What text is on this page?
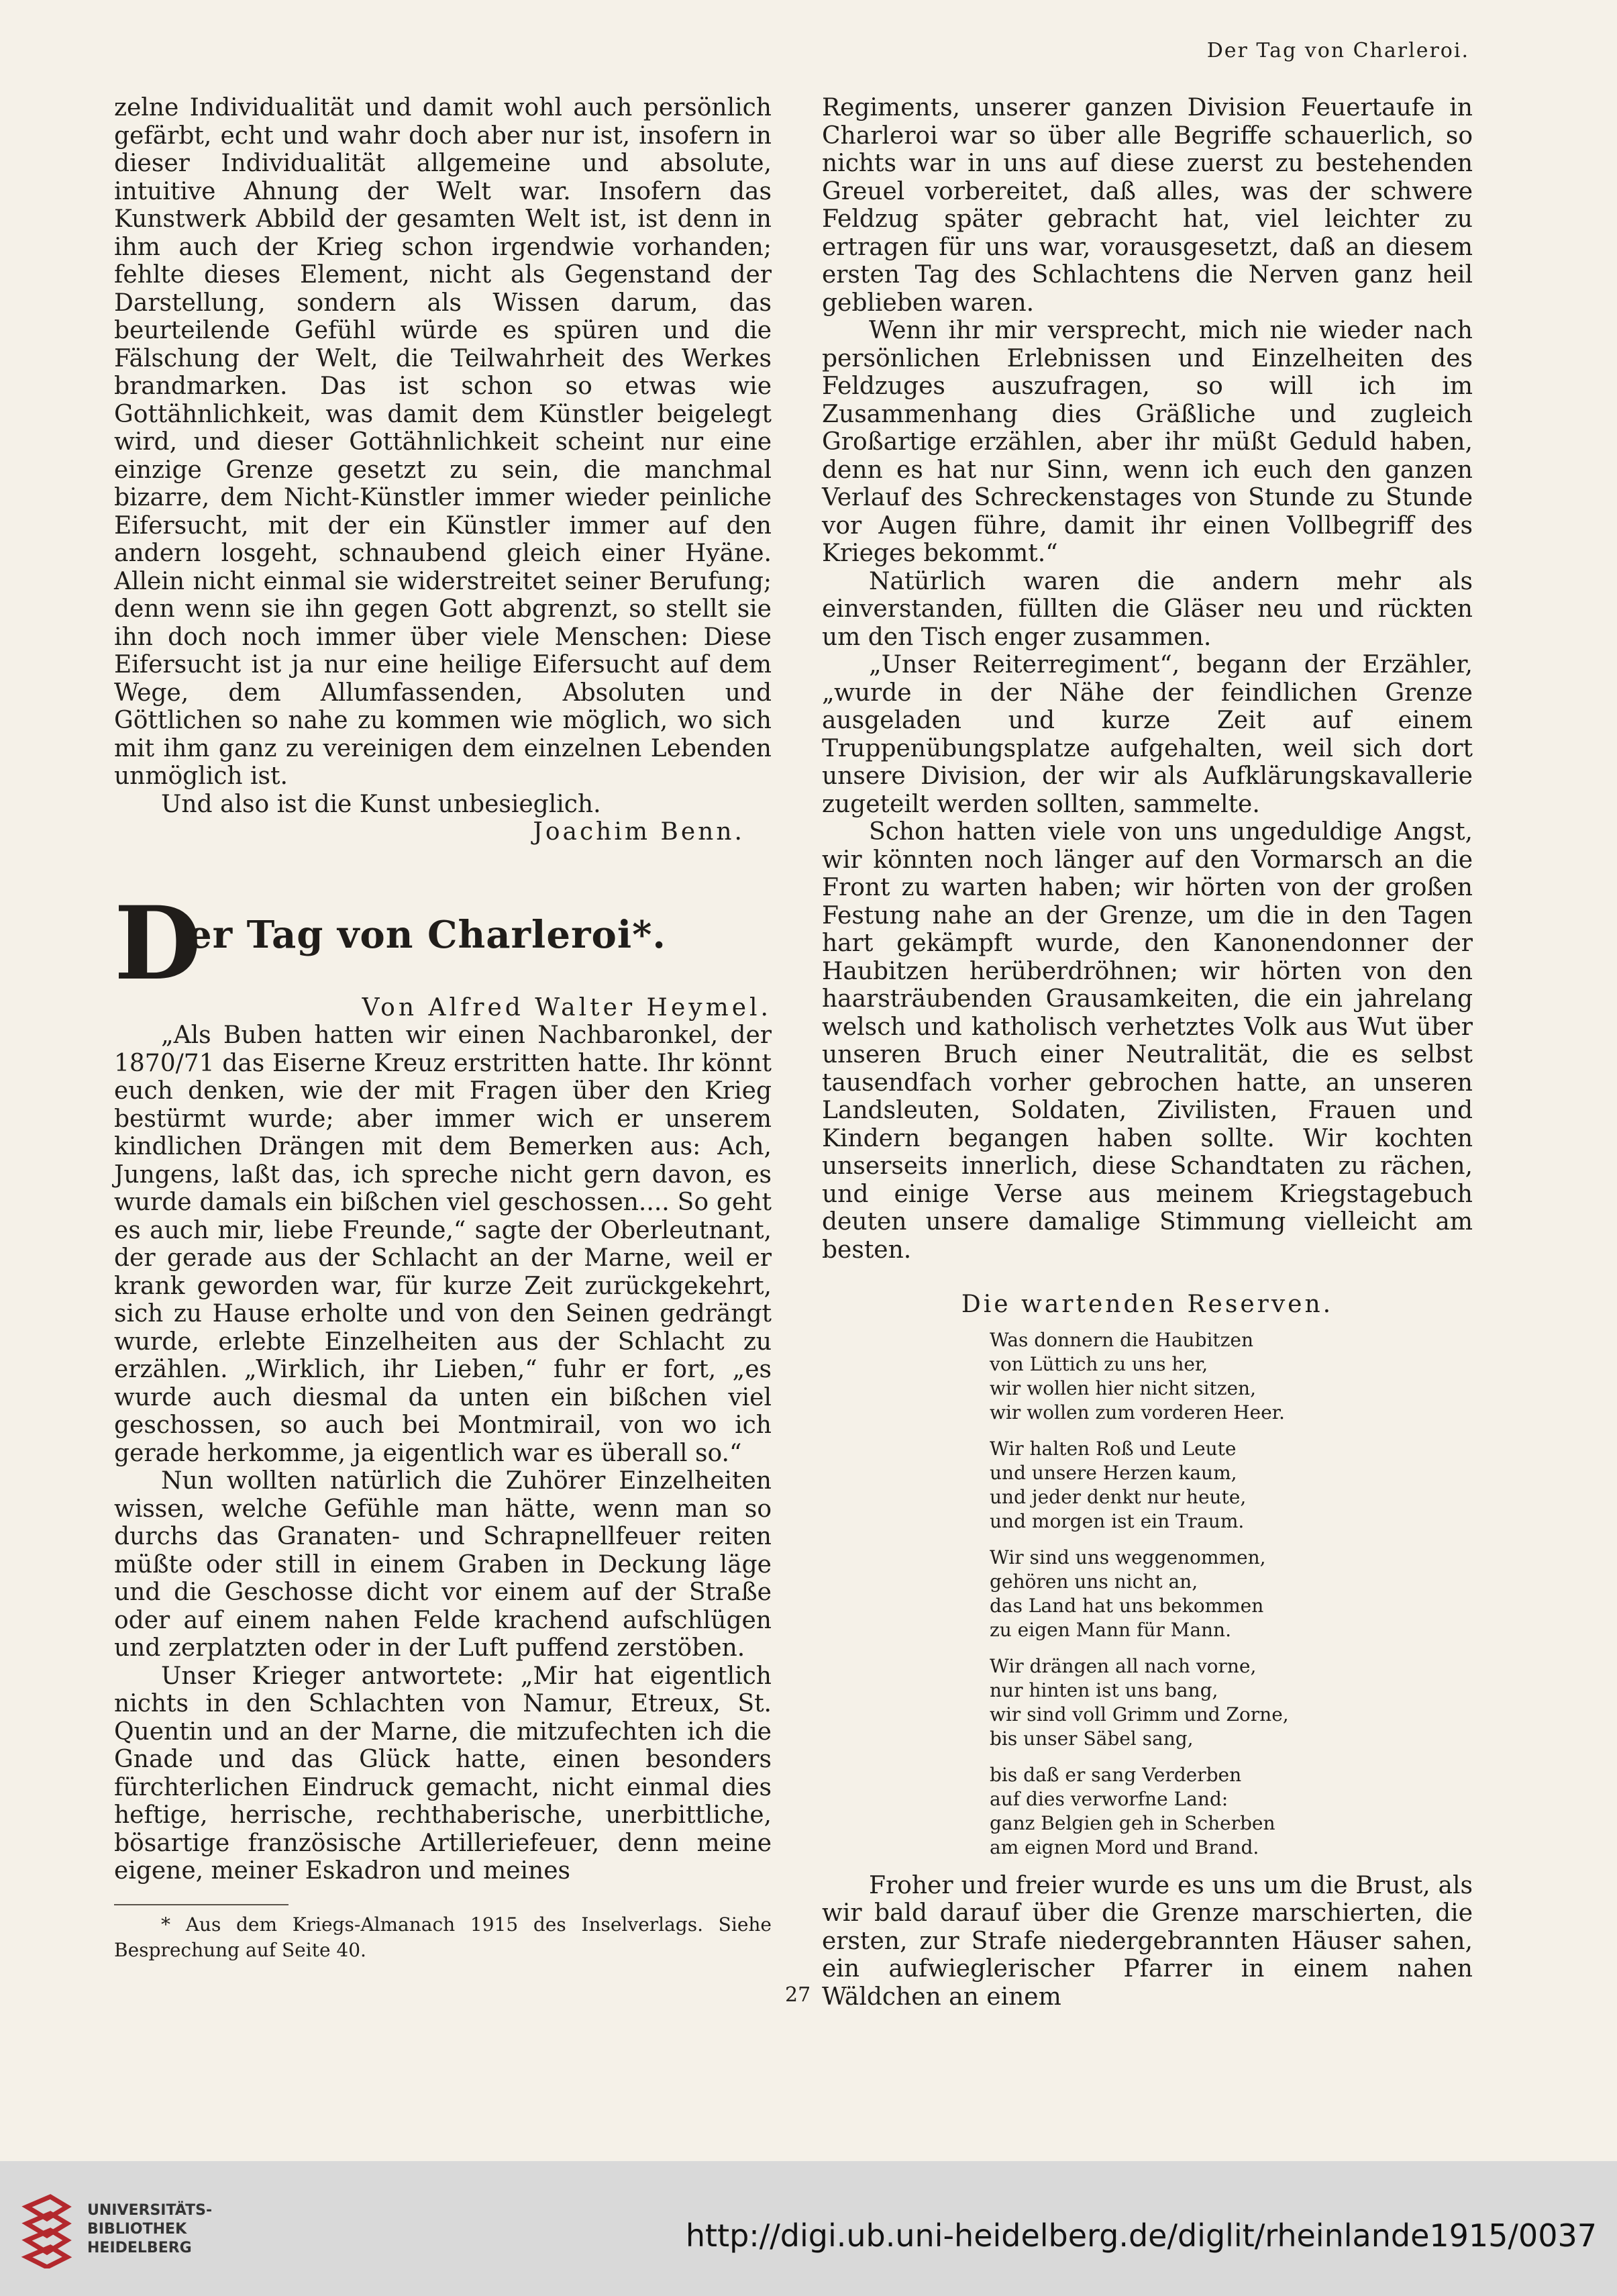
Der Tag von Charleroi.

zelne Individualität und damit wohl auch persönlich gefärbt, echt und wahr doch aber nur ist, insofern in dieser Individualität allgemeine und absolute, intuitive Ahnung der Welt war. Insofern das Kunstwerk Abbild der gesamten Welt ist, ist denn in ihm auch der Krieg schon irgendwie vorhanden; fehlte dieses Element, nicht als Gegenstand der Darstellung, sondern als Wissen darum, das beurteilende Gefühl würde es spüren und die Fälschung der Welt, die Teilwahrheit des Werkes brandmarken. Das ist schon so etwas wie Gottähnlichkeit, was damit dem Künstler beigelegt wird, und dieser Gottähnlichkeit scheint nur eine einzige Grenze gesetzt zu sein, die manchmal bizarre, dem Nicht-Künstler immer wieder peinliche Eifersucht, mit der ein Künstler immer auf den andern losgeht, schnaubend gleich einer Hyäne. Allein nicht einmal sie widerstreitet seiner Berufung; denn wenn sie ihn gegen Gott abgrenzt, so stellt sie ihn doch noch immer über viele Menschen: Diese Eifersucht ist ja nur eine heilige Eifersucht auf dem Wege, dem Allumfassenden, Absoluten und Göttlichen so nahe zu kommen wie möglich, wo sich mit ihm ganz zu vereinigen dem einzelnen Lebenden unmöglich ist.

Und also ist die Kunst unbesieglich.

Joachim Benn.

D
er Tag von Charleroi*.

Von Alfred Walter Heymel.

„Als Buben hatten wir einen Nachbaronkel, der 1870/71 das Eiserne Kreuz erstritten hatte. Ihr könnt euch denken, wie der mit Fragen über den Krieg bestürmt wurde; aber immer wich er unserem kindlichen Drängen mit dem Bemerken aus: Ach, Jungens, laßt das, ich spreche nicht gern davon, es wurde damals ein bißchen viel geschossen.... So geht es auch mir, liebe Freunde,“ sagte der Oberleutnant, der gerade aus der Schlacht an der Marne, weil er krank geworden war, für kurze Zeit zurückgekehrt, sich zu Hause erholte und von den Seinen gedrängt wurde, erlebte Einzelheiten aus der Schlacht zu erzählen. „Wirklich, ihr Lieben,“ fuhr er fort, „es wurde auch diesmal da unten ein bißchen viel geschossen, so auch bei Montmirail, von wo ich gerade herkomme, ja eigentlich war es überall so.“

Nun wollten natürlich die Zuhörer Einzelheiten wissen, welche Gefühle man hätte, wenn man so durchs das Granaten- und Schrapnellfeuer reiten müßte oder still in einem Graben in Deckung läge und die Geschosse dicht vor einem auf der Straße oder auf einem nahen Felde krachend aufschlügen und zerplatzten oder in der Luft puffend zerstöben.

Unser Krieger antwortete: „Mir hat eigentlich nichts in den Schlachten von Namur, Etreux, St. Quentin und an der Marne, die mitzufechten ich die Gnade und das Glück hatte, einen besonders fürchterlichen Eindruck gemacht, nicht einmal dies heftige, herrische, rechthaberische, unerbittliche, bösartige französische Artilleriefeuer, denn meine eigene, meiner Eskadron und meines

* Aus dem Kriegs-Almanach 1915 des Inselverlags. Siehe Besprechung auf Seite 40.

Regiments, unserer ganzen Division Feuertaufe in Charleroi war so über alle Begriffe schauerlich, so nichts war in uns auf diese zuerst zu bestehenden Greuel vorbereitet, daß alles, was der schwere Feldzug später gebracht hat, viel leichter zu ertragen für uns war, vorausgesetzt, daß an diesem ersten Tag des Schlachtens die Nerven ganz heil geblieben waren.

Wenn ihr mir versprecht, mich nie wieder nach persönlichen Erlebnissen und Einzelheiten des Feldzuges auszufragen, so will ich im Zusammenhang dies Gräßliche und zugleich Großartige erzählen, aber ihr müßt Geduld haben, denn es hat nur Sinn, wenn ich euch den ganzen Verlauf des Schreckenstages von Stunde zu Stunde vor Augen führe, damit ihr einen Vollbegriff des Krieges bekommt.“

Natürlich waren die andern mehr als einverstanden, füllten die Gläser neu und rückten um den Tisch enger zusammen.

„Unser Reiterregiment“, begann der Erzähler, „wurde in der Nähe der feindlichen Grenze ausgeladen und kurze Zeit auf einem Truppenübungsplatze aufgehalten, weil sich dort unsere Division, der wir als Aufklärungskavallerie zugeteilt werden sollten, sammelte.

Schon hatten viele von uns ungeduldige Angst, wir könnten noch länger auf den Vormarsch an die Front zu warten haben; wir hörten von der großen Festung nahe an der Grenze, um die in den Tagen hart gekämpft wurde, den Kanonendonner der Haubitzen herüberdröhnen; wir hörten von den haarsträubenden Grausamkeiten, die ein jahrelang welsch und katholisch verhetztes Volk aus Wut über unseren Bruch einer Neutralität, die es selbst tausendfach vorher gebrochen hatte, an unseren Landsleuten, Soldaten, Zivilisten, Frauen und Kindern begangen haben sollte. Wir kochten unserseits innerlich, diese Schandtaten zu rächen, und einige Verse aus meinem Kriegstagebuch deuten unsere damalige Stimmung vielleicht am besten.

Die wartenden Reserven.
Was donnern die Haubitzen
von Lüttich zu uns her,
wir wollen hier nicht sitzen,
wir wollen zum vorderen Heer.
Wir halten Roß und Leute
und unsere Herzen kaum,
und jeder denkt nur heute,
und morgen ist ein Traum.
Wir sind uns weggenommen,
gehören uns nicht an,
das Land hat uns bekommen
zu eigen Mann für Mann.
Wir drängen all nach vorne,
nur hinten ist uns bang,
wir sind voll Grimm und Zorne,
bis unser Säbel sang,
bis daß er sang Verderben
auf dies verworfne Land:
ganz Belgien geh in Scherben
am eignen Mord und Brand.

Froher und freier wurde es uns um die Brust, als wir bald darauf über die Grenze marschierten, die ersten, zur Strafe niedergebrannten Häuser sahen, ein aufwieglerischer Pfarrer in einem nahen Wäldchen an einem

27
UNIVERSITÄTS-
BIBLIOTHEK
HEIDELBERG	http://digi.ub.uni-heidelberg.de/diglit/rheinlande1915/0037
